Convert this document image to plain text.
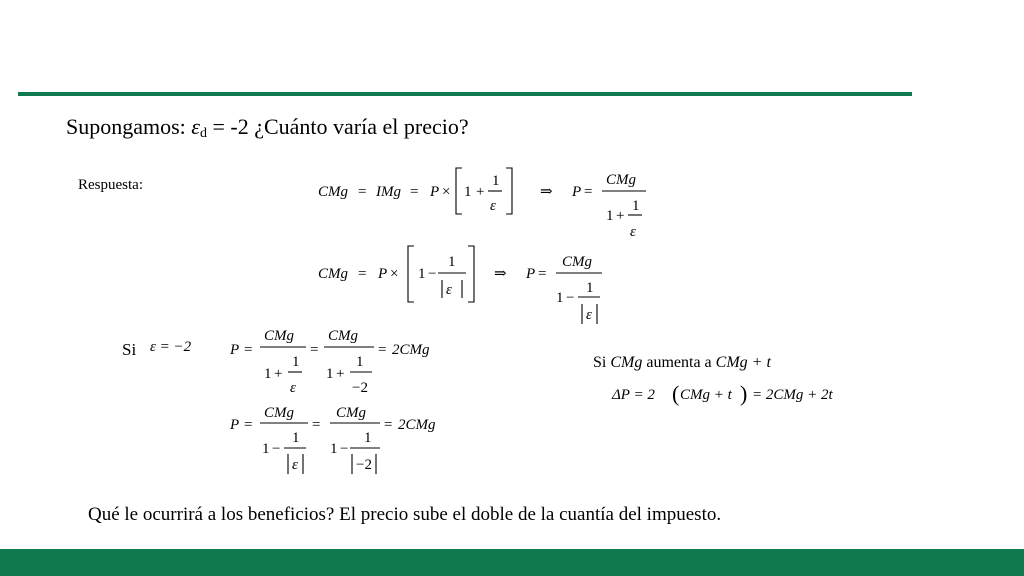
Supongamos: $\varepsilon_d = -2$ ¿Cuánto varía el precio?
Respuesta:	CMg = IMg = P × 1 +
1
ε
⇒ P =
CMg
1 +
1
ε
CMg = P × 1 −
1
ε
⇒ P =
CMg
1 −
1
ε
Si ε = −2	P =
CMg
1 +
1
ε
=
CMg
1 +
1
−2
= 2CMg
P =
CMg
1 −
1
ε
=
CMg
1 −
1
−2
= 2CMg
Si CMg aumenta a CMg + t
ΔP = 2 ( CMg + t ) = 2CMg + 2t
Qué le ocurrirá a los beneficios? El precio sube el doble de la cuantía del impuesto.
